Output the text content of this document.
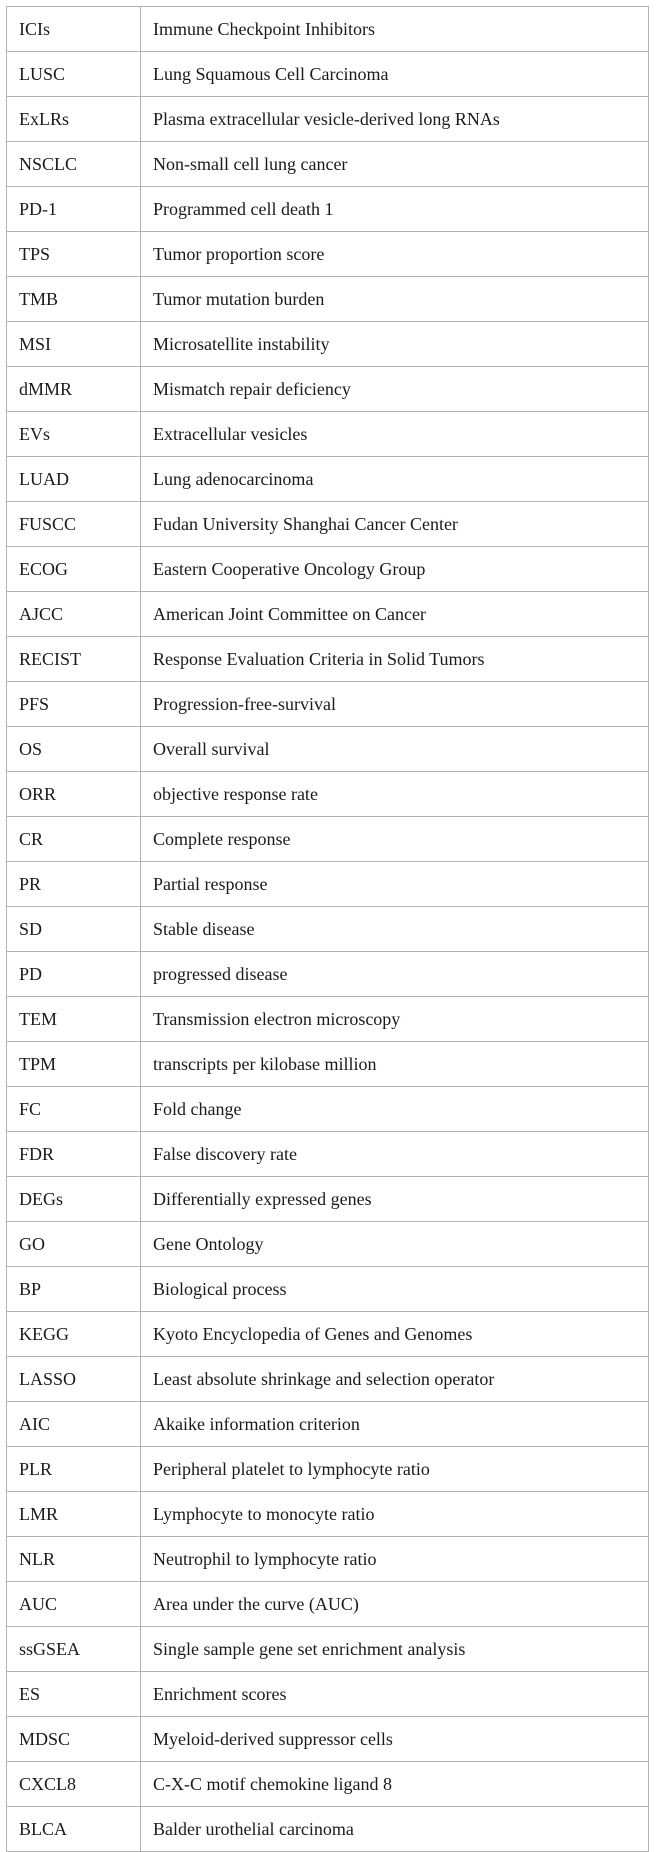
ICIs	Immune Checkpoint Inhibitors
LUSC	Lung Squamous Cell Carcinoma
ExLRs	Plasma extracellular vesicle-derived long RNAs
NSCLC	Non-small cell lung cancer
PD-1	Programmed cell death 1
TPS	Tumor proportion score
TMB	Tumor mutation burden
MSI	Microsatellite instability
dMMR	Mismatch repair deficiency
EVs	Extracellular vesicles
LUAD	Lung adenocarcinoma
FUSCC	Fudan University Shanghai Cancer Center
ECOG	Eastern Cooperative Oncology Group
AJCC	American Joint Committee on Cancer
RECIST	Response Evaluation Criteria in Solid Tumors
PFS	Progression-free-survival
OS	Overall survival
ORR	objective response rate
CR	Complete response
PR	Partial response
SD	Stable disease
PD	progressed disease
TEM	Transmission electron microscopy
TPM	transcripts per kilobase million
FC	Fold change
FDR	False discovery rate
DEGs	Differentially expressed genes
GO	Gene Ontology
BP	Biological process
KEGG	Kyoto Encyclopedia of Genes and Genomes
LASSO	Least absolute shrinkage and selection operator
AIC	Akaike information criterion
PLR	Peripheral platelet to lymphocyte ratio
LMR	Lymphocyte to monocyte ratio
NLR	Neutrophil to lymphocyte ratio
AUC	Area under the curve (AUC)
ssGSEA	Single sample gene set enrichment analysis
ES	Enrichment scores
MDSC	Myeloid-derived suppressor cells
CXCL8	C-X-C motif chemokine ligand 8
BLCA	Balder urothelial carcinoma
